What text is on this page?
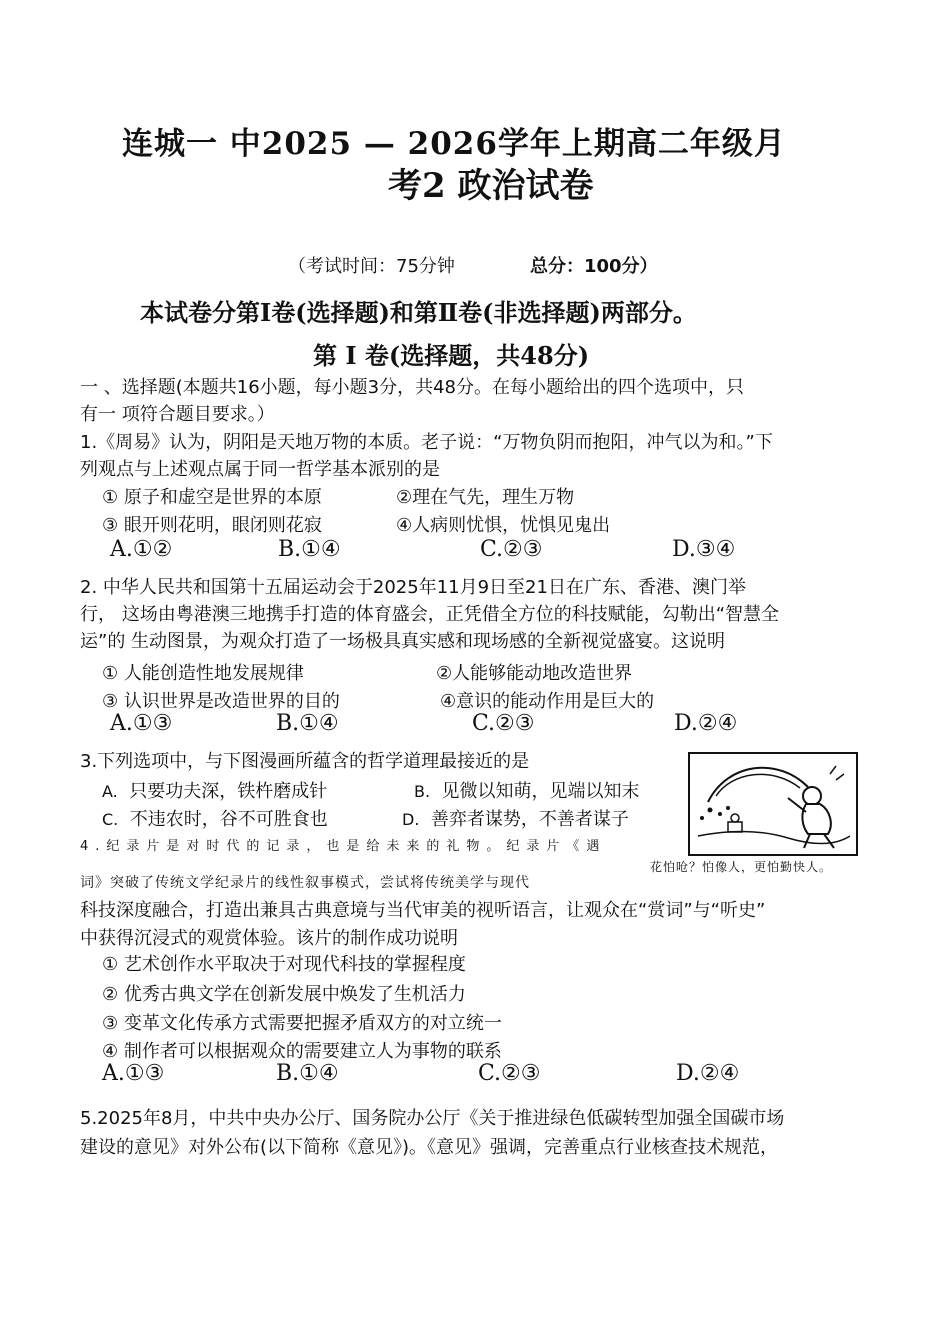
连城一 中2025 — 2026学年上期高二年级月
考2 政治试卷
（考试时间：75分钟	总分：100分）
本试卷分第Ⅰ卷(选择题)和第Ⅱ卷(非选择题)两部分。
第 Ⅰ 卷(选择题，共48分)
一 、选择题(本题共16小题，每小题3分，共48分。在每小题给出的四个选项中，只
有一 项符合题目要求。）
1.《周易》认为，阴阳是天地万物的本质。老子说：“万物负阴而抱阳，冲气以为和。”下
列观点与上述观点属于同一哲学基本派别的是
① 原子和虚空是世界的本原	②理在气先，理生万物
③ 眼开则花明，眼闭则花寂	④人病则忧惧，忧惧见鬼出
A.①②	B.①④	C.②③	D.③④
2. 中华人民共和国第十五届运动会于2025年11月9日至21日在广东、香港、澳门举
行， 这场由粤港澳三地携手打造的体育盛会，正凭借全方位的科技赋能，勾勒出“智慧全
运”的 生动图景，为观众打造了一场极具真实感和现场感的全新视觉盛宴。这说明
① 人能创造性地发展规律	②人能够能动地改造世界
③ 认识世界是改造世界的目的	④意识的能动作用是巨大的
A.①③	B.①④	C.②③	D.②④
3.下列选项中，与下图漫画所蕴含的哲学道理最接近的是
A. 只要功夫深，铁杵磨成针	B. 见微以知萌，见端以知末
C. 不违农时，谷不可胜食也	D. 善弈者谋势，不善者谋子
花怕呛？怕像人，更怕勤快人。
4.纪录片是对时代的记录，也是给未来的礼物。纪录片《遇
词》突破了传统文学纪录片的线性叙事模式，尝试将传统美学与现代
科技深度融合，打造出兼具古典意境与当代审美的视听语言，让观众在“赏词”与“听史”
中获得沉浸式的观赏体验。该片的制作成功说明
① 艺术创作水平取决于对现代科技的掌握程度
② 优秀古典文学在创新发展中焕发了生机活力
③ 变革文化传承方式需要把握矛盾双方的对立统一
④ 制作者可以根据观众的需要建立人为事物的联系
A.①③	B.①④	C.②③	D.②④
5.2025年8月，中共中央办公厅、国务院办公厅《关于推进绿色低碳转型加强全国碳市场
建设的意见》对外公布(以下简称《意见》)。《意见》强调，完善重点行业核查技术规范，
